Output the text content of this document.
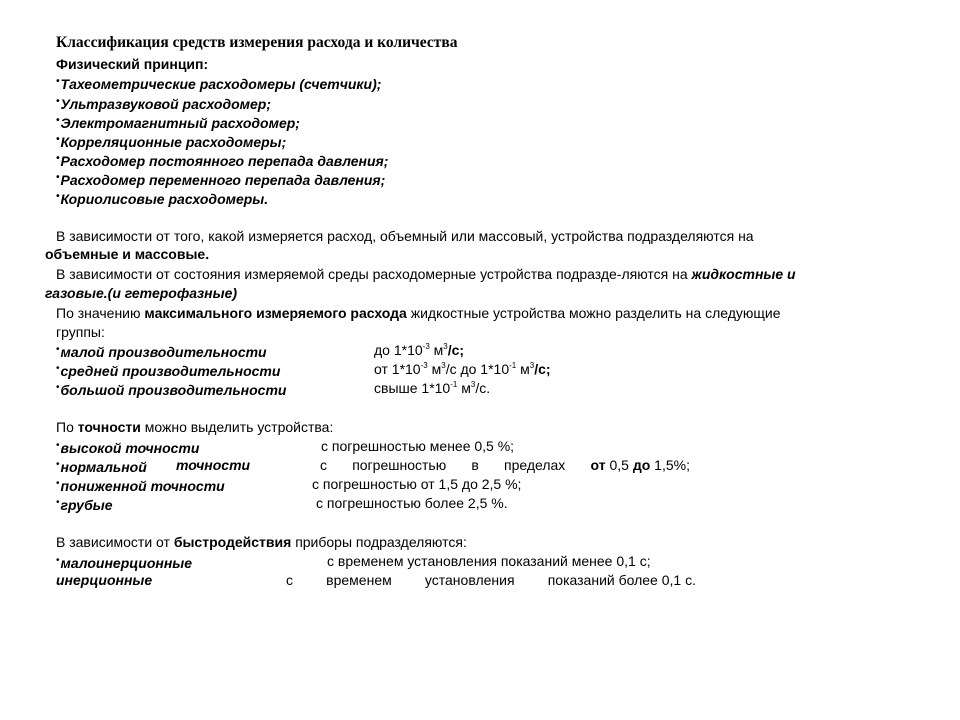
Классификация средств измерения расхода и количества
Физический принцип:
•Тахеометрические расходомеры (счетчики);
•Ультразвуковой расходомер;
•Электромагнитный расходомер;
•Корреляционные расходомеры;
•Расходомер постоянного перепада давления;
•Расходомер переменного перепада давления;
•Кориолисовые расходомеры.
В зависимости от того, какой измеряется расход, объемный или массовый, устройства подразделяются на
объемные и массовые.
В зависимости от состояния измеряемой среды расходомерные устройства подразде-ляются на жидкостные и
газовые.(и гетерофазные)
По значению максимального измеряемого расхода жидкостные устройства можно разделить на следующие
группы:
•малой производительности	до $1*10^{-3}$ $м^3/с$;
•средней производительности	от $1*10^{-3}$ $м^3/с$ до $1*10^{-1}$ $м^3/с$;
•большой производительности	свыше $1*10^{-1}$ $м^3/с$.
По точности можно выделить устройства:
•высокой точности	с погрешностью менее 0,5 %;
•нормальной точности	с погрешностью в пределах от 0,5 до 1,5%;
•пониженной точности	с погрешностью от 1,5 до 2,5 %;
•грубые	с погрешностью более 2,5 %.
В зависимости от быстродействия приборы подразделяются:
•малоинерционные	с временем установления показаний менее 0,1 с;
инерционные	с временем установления показаний более 0,1 с.
